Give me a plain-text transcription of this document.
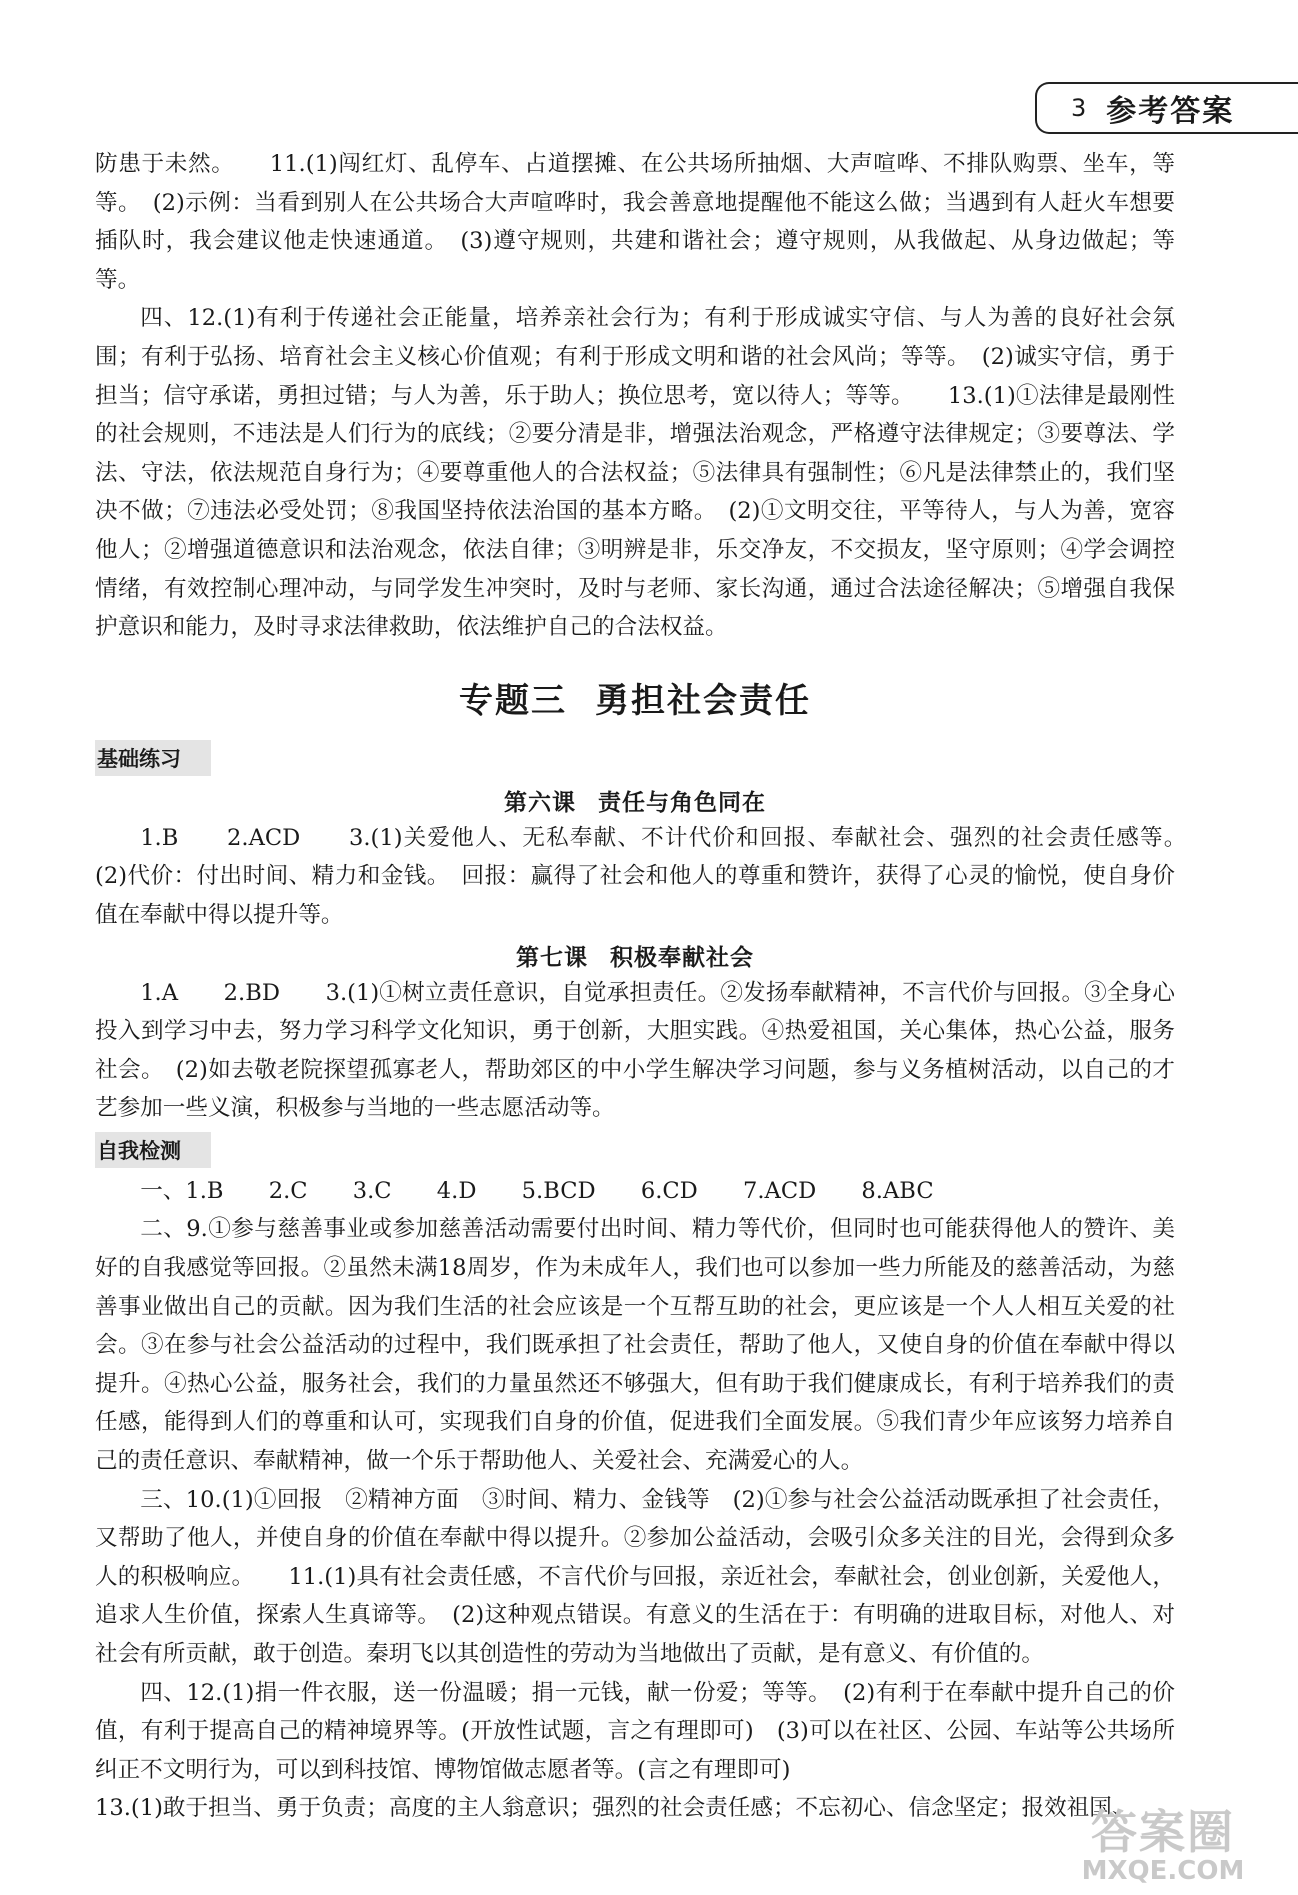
3 参考答案

防患于未然。　　11.(1)闯红灯、乱停车、占道摆摊、在公共场所抽烟、大声喧哗、不排队购票、坐车，等等。　(2)示例：当看到别人在公共场合大声喧哗时，我会善意地提醒他不能这么做；当遇到有人赶火车想要插队时，我会建议他走快速通道。　(3)遵守规则，共建和谐社会；遵守规则，从我做起、从身边做起；等等。

四、12.(1)有利于传递社会正能量，培养亲社会行为；有利于形成诚实守信、与人为善的良好社会氛围；有利于弘扬、培育社会主义核心价值观；有利于形成文明和谐的社会风尚；等等。　(2)诚实守信，勇于担当；信守承诺，勇担过错；与人为善，乐于助人；换位思考，宽以待人；等等。　　13.(1)①法律是最刚性的社会规则，不违法是人们行为的底线；②要分清是非，增强法治观念，严格遵守法律规定；③要尊法、学法、守法，依法规范自身行为；④要尊重他人的合法权益；⑤法律具有强制性；⑥凡是法律禁止的，我们坚决不做；⑦违法必受处罚；⑧我国坚持依法治国的基本方略。　(2)①文明交往，平等待人，与人为善，宽容他人；②增强道德意识和法治观念，依法自律；③明辨是非，乐交净友，不交损友，坚守原则；④学会调控情绪，有效控制心理冲动，与同学发生冲突时，及时与老师、家长沟通，通过合法途径解决；⑤增强自我保护意识和能力，及时寻求法律救助，依法维护自己的合法权益。

专题三 勇担社会责任
基础练习
第六课 责任与角色同在

1.B　　2.ACD　　3.(1)关爱他人、无私奉献、不计代价和回报、奉献社会、强烈的社会责任感等。　(2)代价：付出时间、精力和金钱。　回报：赢得了社会和他人的尊重和赞许，获得了心灵的愉悦，使自身价值在奉献中得以提升等。

第七课 积极奉献社会

1.A　　2.BD　　3.(1)①树立责任意识，自觉承担责任。②发扬奉献精神，不言代价与回报。③全身心投入到学习中去，努力学习科学文化知识，勇于创新，大胆实践。④热爱祖国，关心集体，热心公益，服务社会。　(2)如去敬老院探望孤寡老人，帮助郊区的中小学生解决学习问题，参与义务植树活动，以自己的才艺参加一些义演，积极参与当地的一些志愿活动等。

自我检测

一、1.B　　2.C　　3.C　　4.D　　5.BCD　　6.CD　　7.ACD　　8.ABC

二、9.①参与慈善事业或参加慈善活动需要付出时间、精力等代价，但同时也可能获得他人的赞许、美好的自我感觉等回报。②虽然未满18周岁，作为未成年人，我们也可以参加一些力所能及的慈善活动，为慈善事业做出自己的贡献。因为我们生活的社会应该是一个互帮互助的社会，更应该是一个人人相互关爱的社会。③在参与社会公益活动的过程中，我们既承担了社会责任，帮助了他人，又使自身的价值在奉献中得以提升。④热心公益，服务社会，我们的力量虽然还不够强大，但有助于我们健康成长，有利于培养我们的责任感，能得到人们的尊重和认可，实现我们自身的价值，促进我们全面发展。⑤我们青少年应该努力培养自己的责任意识、奉献精神，做一个乐于帮助他人、关爱社会、充满爱心的人。

三、10.(1)①回报　②精神方面　③时间、精力、金钱等　(2)①参与社会公益活动既承担了社会责任，又帮助了他人，并使自身的价值在奉献中得以提升。②参加公益活动，会吸引众多关注的目光，会得到众多人的积极响应。　　11.(1)具有社会责任感，不言代价与回报，亲近社会，奉献社会，创业创新，关爱他人，追求人生价值，探索人生真谛等。　(2)这种观点错误。有意义的生活在于：有明确的进取目标，对他人、对社会有所贡献，敢于创造。秦玥飞以其创造性的劳动为当地做出了贡献，是有意义、有价值的。

四、12.(1)捐一件衣服，送一份温暖；捐一元钱，献一份爱；等等。　(2)有利于在奉献中提升自己的价值，有利于提高自己的精神境界等。(开放性试题，言之有理即可)　(3)可以在社区、公园、车站等公共场所纠正不文明行为，可以到科技馆、博物馆做志愿者等。(言之有理即可)

13.(1)敢于担当、勇于负责；高度的主人翁意识；强烈的社会责任感；不忘初心、信念坚定；报效祖国、

答案圈
MXQE.COM
